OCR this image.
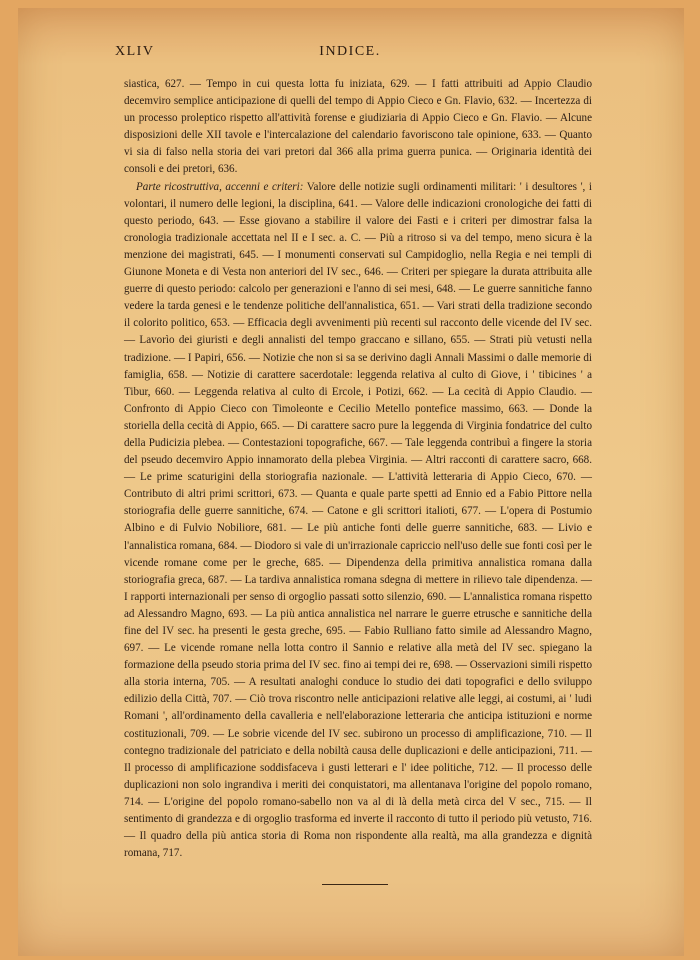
XLIV	INDICE.

siastica, 627. — Tempo in cui questa lotta fu iniziata, 629. — I fatti attribuiti ad Appio Claudio decemviro semplice anticipazione di quelli del tempo di Appio Cieco e Gn. Flavio, 632. — Incertezza di un processo proleptico rispetto all'attività forense e giudiziaria di Appio Cieco e Gn. Flavio. — Alcune disposizioni delle XII tavole e l'intercalazione del calendario favoriscono tale opinione, 633. — Quanto vi sia di falso nella storia dei vari pretori dal 366 alla prima guerra punica. — Originaria identità dei consoli e dei pretori, 636.

Parte ricostruttiva, accenni e criteri: Valore delle notizie sugli ordinamenti militari: ' i desultores ', i volontari, il numero delle legioni, la disciplina, 641. — Valore delle indicazioni cronologiche dei fatti di questo periodo, 643. — Esse giovano a stabilire il valore dei Fasti e i criteri per dimostrar falsa la cronologia tradizionale accettata nel II e I sec. a. C. — Più a ritroso si va del tempo, meno sicura è la menzione dei magistrati, 645. — I monumenti conservati sul Campidoglio, nella Regia e nei templi di Giunone Moneta e di Vesta non anteriori del IV sec., 646. — Criteri per spiegare la durata attribuita alle guerre di questo periodo: calcolo per generazioni e l'anno di sei mesi, 648. — Le guerre sannitiche fanno vedere la tarda genesi e le tendenze politiche dell'annalistica, 651. — Vari strati della tradizione secondo il colorito politico, 653. — Efficacia degli avvenimenti più recenti sul racconto delle vicende del IV sec. — Lavorìo dei giuristi e degli annalisti del tempo graccano e sillano, 655. — Strati più vetusti nella tradizione. — I Papiri, 656. — Notizie che non si sa se derivino dagli Annali Massimi o dalle memorie di famiglia, 658. — Notizie di carattere sacerdotale: leggenda relativa al culto di Giove, i ' tibicines ' a Tibur, 660. — Leggenda relativa al culto di Ercole, i Potizi, 662. — La cecità di Appio Claudio. — Confronto di Appio Cieco con Timoleonte e Cecilio Metello pontefice massimo, 663. — Donde la storiella della cecità di Appio, 665. — Di carattere sacro pure la leggenda di Virginia fondatrice del culto della Pudicizia plebea. — Contestazioni topografiche, 667. — Tale leggenda contribuì a fingere la storia del pseudo decemviro Appio innamorato della plebea Virginia. — Altri racconti di carattere sacro, 668. — Le prime scaturigini della storiografia nazionale. — L'attività letteraria di Appio Cieco, 670. — Contributo di altri primi scrittori, 673. — Quanta e quale parte spetti ad Ennio ed a Fabio Pittore nella storiografia delle guerre sannitiche, 674. — Catone e gli scrittori italioti, 677. — L'opera di Postumio Albino e di Fulvio Nobiliore, 681. — Le più antiche fonti delle guerre sannitiche, 683. — Livio e l'annalistica romana, 684. — Diodoro si vale di un'irrazionale capriccio nell'uso delle sue fonti così per le vicende romane come per le greche, 685. — Dipendenza della primitiva annalistica romana dalla storiografia greca, 687. — La tardiva annalistica romana sdegna di mettere in rilievo tale dipendenza. — I rapporti internazionali per senso di orgoglio passati sotto silenzio, 690. — L'annalistica romana rispetto ad Alessandro Magno, 693. — La più antica annalistica nel narrare le guerre etrusche e sannitiche della fine del IV sec. ha presenti le gesta greche, 695. — Fabio Rulliano fatto simile ad Alessandro Magno, 697. — Le vicende romane nella lotta contro il Sannio e relative alla metà del IV sec. spiegano la formazione della pseudo storia prima del IV sec. fino ai tempi dei re, 698. — Osservazioni simili rispetto alla storia interna, 705. — A resultati analoghi conduce lo studio dei dati topografici e dello sviluppo edilizio della Città, 707. — Ciò trova riscontro nelle anticipazioni relative alle leggi, ai costumi, ai ' ludi Romani ', all'ordinamento della cavalleria e nell'elaborazione letteraria che anticipa istituzioni e norme costituzionali, 709. — Le sobrie vicende del IV sec. subirono un processo di amplificazione, 710. — Il contegno tradizionale del patriciato e della nobiltà causa delle duplicazioni e delle anticipazioni, 711. — Il processo di amplificazione soddisfaceva i gusti letterari e l' idee politiche, 712. — Il processo delle duplicazioni non solo ingrandiva i meriti dei conquistatori, ma allentanava l'origine del popolo romano, 714. — L'origine del popolo romano-sabello non va al di là della metà circa del V sec., 715. — Il sentimento di grandezza e di orgoglio trasforma ed inverte il racconto di tutto il periodo più vetusto, 716. — Il quadro della più antica storia di Roma non rispondente alla realtà, ma alla grandezza e dignità romana, 717.
